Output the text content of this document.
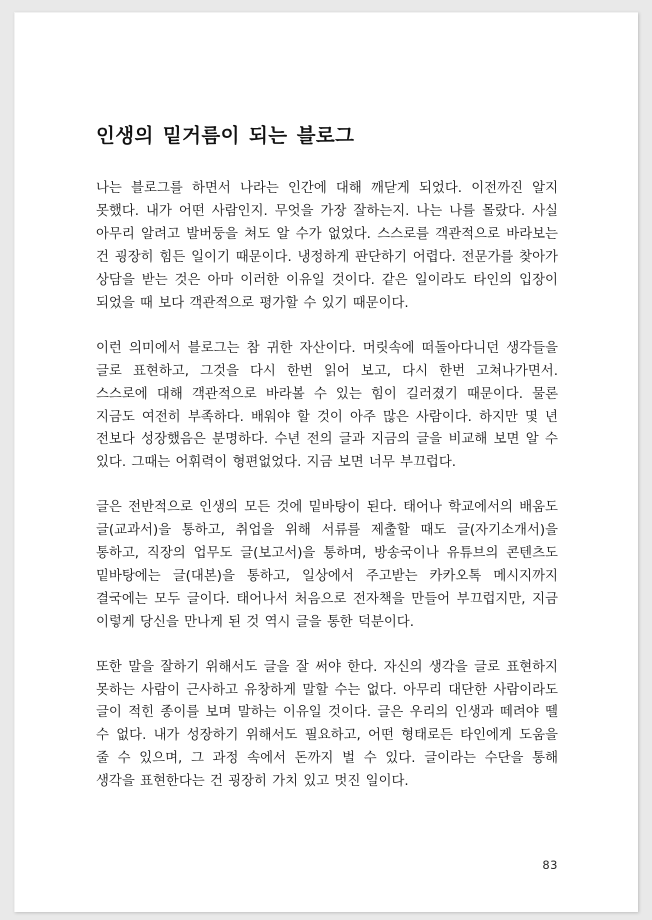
인생의 밑거름이 되는 블로그

나는 블로그를 하면서 나라는 인간에 대해 깨닫게 되었다. 이전까진 알지 못했다. 내가 어떤 사람인지. 무엇을 가장 잘하는지. 나는 나를 몰랐다. 사실 아무리 알려고 발버둥을 쳐도 알 수가 없었다. 스스로를 객관적으로 바라보는 건 굉장히 힘든 일이기 때문이다. 냉정하게 판단하기 어렵다. 전문가를 찾아가 상담을 받는 것은 아마 이러한 이유일 것이다. 같은 일이라도 타인의 입장이 되었을 때 보다 객관적으로 평가할 수 있기 때문이다.

이런 의미에서 블로그는 참 귀한 자산이다. 머릿속에 떠돌아다니던 생각들을 글로 표현하고, 그것을 다시 한번 읽어 보고, 다시 한번 고쳐나가면서. 스스로에 대해 객관적으로 바라볼 수 있는 힘이 길러졌기 때문이다. 물론 지금도 여전히 부족하다. 배워야 할 것이 아주 많은 사람이다. 하지만 몇 년 전보다 성장했음은 분명하다. 수년 전의 글과 지금의 글을 비교해 보면 알 수 있다. 그때는 어휘력이 형편없었다. 지금 보면 너무 부끄럽다.

글은 전반적으로 인생의 모든 것에 밑바탕이 된다. 태어나 학교에서의 배움도 글(교과서)을 통하고, 취업을 위해 서류를 제출할 때도 글(자기소개서)을 통하고, 직장의 업무도 글(보고서)을 통하며, 방송국이나 유튜브의 콘텐츠도 밑바탕에는 글(대본)을 통하고, 일상에서 주고받는 카카오톡 메시지까지 결국에는 모두 글이다. 태어나서 처음으로 전자책을 만들어 부끄럽지만, 지금 이렇게 당신을 만나게 된 것 역시 글을 통한 덕분이다.

또한 말을 잘하기 위해서도 글을 잘 써야 한다. 자신의 생각을 글로 표현하지 못하는 사람이 근사하고 유창하게 말할 수는 없다. 아무리 대단한 사람이라도 글이 적힌 종이를 보며 말하는 이유일 것이다. 글은 우리의 인생과 떼려야 뗄 수 없다. 내가 성장하기 위해서도 필요하고, 어떤 형태로든 타인에게 도움을 줄 수 있으며, 그 과정 속에서 돈까지 벌 수 있다. 글이라는 수단을 통해 생각을 표현한다는 건 굉장히 가치 있고 멋진 일이다.

83
